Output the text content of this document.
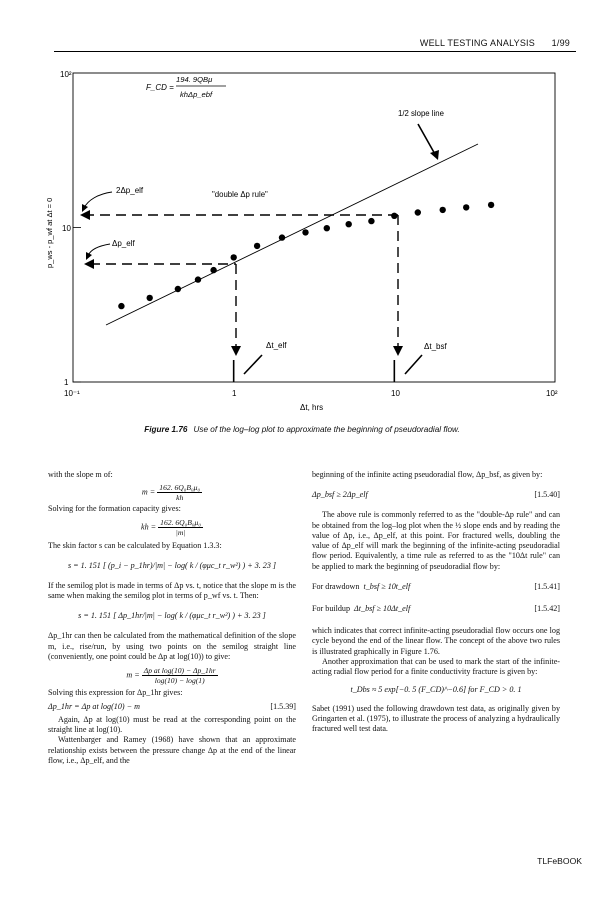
WELL TESTING ANALYSIS 1/99
10²
10
1
10⁻¹	1	10	10²
Δt, hrs
p_ws - p_wf at Δt = 0
F_CD =
194. 9QBμ
khΔp_ebf
1/2 slope line
"double Δp rule"
2Δp_elf
Δp_elf
Δt_elf	Δt_bsf
Figure 1.76 Use of the log–log plot to approximate the beginning of pseudoradial flow.

with the slope m of:

$m = \frac{\text{162. 6Q₀B₀μ₀}}{kh}$

Solving for the formation capacity gives:

kh = $\frac{\text{162. 6Q₀B₀μ₀}}{|m|}$

The skin factor s can be calculated by Equation 1.3.3:

s = 1. 151 [ (p_i − p_1hr)/|m| − log( k / (φμc_t r_w²) ) + 3. 23 ]

If the semilog plot is made in terms of Δp vs. t, notice that the slope m is the same when making the semilog plot in terms of p_wf vs. t. Then:

s = 1. 151 [ Δp_1hr/|m| − log( k / (φμc_t r_w²) ) + 3. 23 ]

Δp_1hr can then be calculated from the mathematical definition of the slope m, i.e., rise/run, by using two points on the semilog straight line (conveniently, one point could be Δp at log(10)) to give:

$m = \frac{\text{Δp at log(10) − Δp\_1hr}}{\log(10) - \log(1)}$

Solving this expression for Δp_1hr gives:

Δp_1hr = Δp at log(10) − m	[1.5.39]

Again, Δp at log(10) must be read at the corresponding point on the straight line at log(10).

Wattenbarger and Ramey (1968) have shown that an approximate relationship exists between the pressure change Δp at the end of the linear flow, i.e., Δp_elf, and the

beginning of the infinite acting pseudoradial flow, Δp_bsf, as given by:

Δp_bsf ≥ 2Δp_elf	[1.5.40]

The above rule is commonly referred to as the "double-Δp rule" and can be obtained from the log–log plot when the ½ slope ends and by reading the value of Δp, i.e., Δp_elf, at this point. For fractured wells, doubling the value of Δp_elf will mark the beginning of the infinite-acting pseudoradial flow period. Equivalently, a time rule as referred to as the "10Δt rule" can be applied to mark the beginning of pseudoradial flow by:

For drawdown t_bsf ≥ 10t_elf	[1.5.41]
For buildup Δt_bsf ≥ 10Δt_elf	[1.5.42]

which indicates that correct infinite-acting pseudoradial flow occurs one log cycle beyond the end of the linear flow. The concept of the above two rules is illustrated graphically in Figure 1.76.

Another approximation that can be used to mark the start of the infinite-acting radial flow period for a finite conductivity fracture is given by:

t_Dbs ≈ 5 exp[−0. 5 (F_CD)^−0.6] for F_CD > 0. 1

Sabet (1991) used the following drawdown test data, as originally given by Gringarten et al. (1975), to illustrate the process of analyzing a hydraulically fractured well test data.

TLFeBOOK
